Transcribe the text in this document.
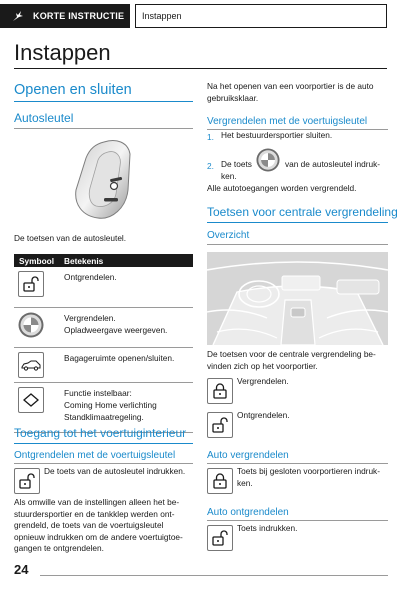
KORTE INSTRUCTIE Instappen
Instappen
Openen en sluiten
Autosleutel
De toetsen van de autosleutel.
Symbool	Betekenis

Ontgrendelen.

Vergrendelen.
Opladweergave weergeven.

Bagageruimte openen/sluiten.

Functie instelbaar:
Coming Home verlichting
Standklimaatregeling.
Toegang tot het voertuiginterieur
Ontgrendelen met de voertuigsleutel
De toets van de autosleutel indrukken.
Als omwille van de instellingen alleen het be-
stuurdersportier en de tankklep werden ont-
grendeld, de toets van de voertuigsleutel
opnieuw indrukken om de andere voertuigtoe-
gangen te ontgrendelen.
Na het openen van een voorportier is de auto
gebruiksklaar.
Vergrendelen met de voertuigsleutel
1. Het bestuurdersportier sluiten.
2. De toets	van de autosleutel indruk-
ken.
Alle autotoegangen worden vergrendeld.
Toetsen voor centrale vergrendeling
Overzicht
De toetsen voor de centrale vergrendeling be-
vinden zich op het voorportier.
Vergrendelen.
Ontgrendelen.
Auto vergrendelen
Toets bij gesloten voorportieren indruk-
ken.
Auto ontgrendelen
Toets indrukken.
24
